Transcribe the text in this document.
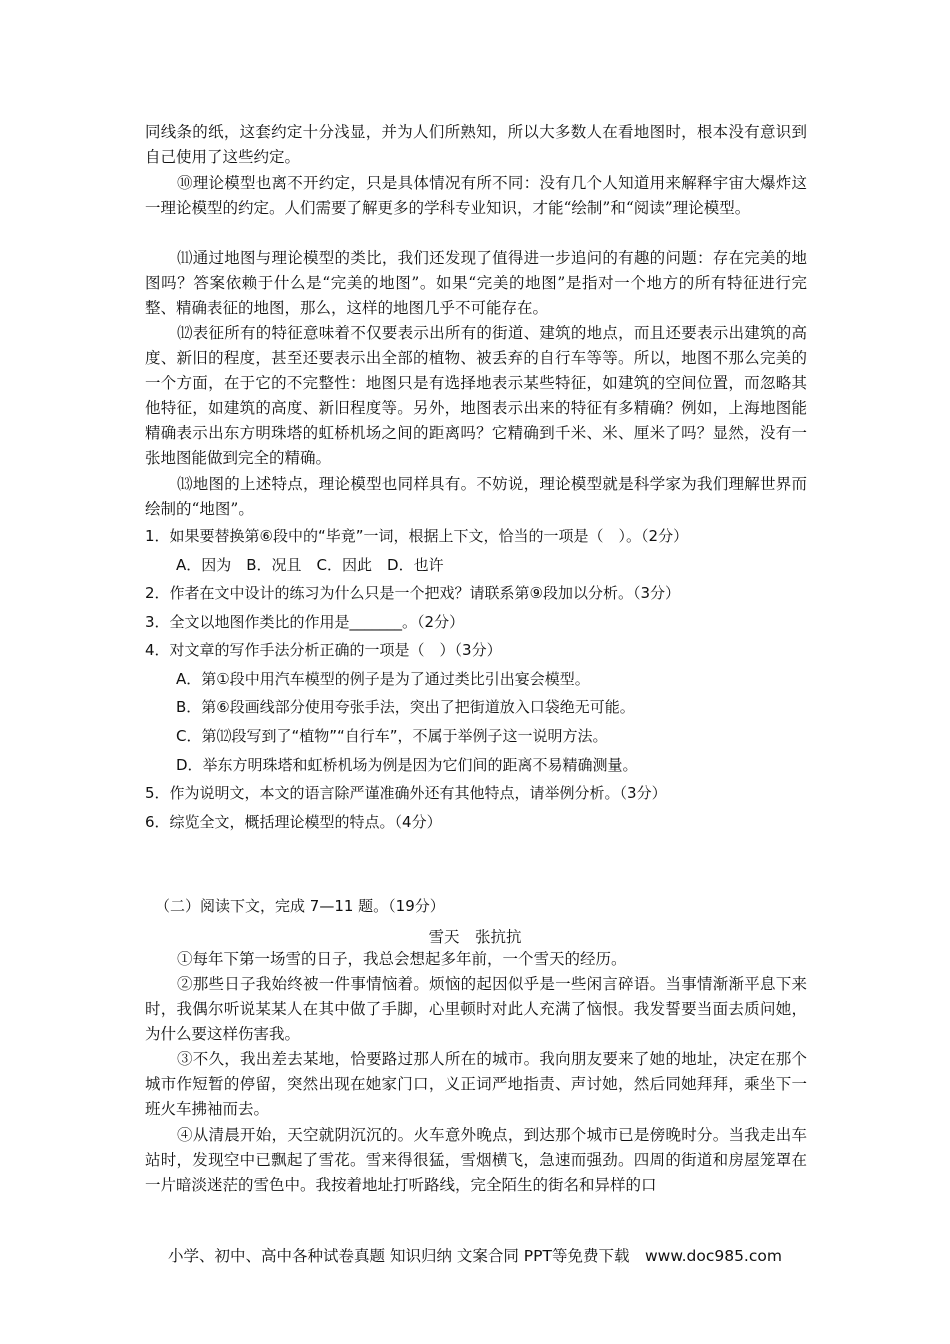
同线条的纸，这套约定十分浅显，并为人们所熟知，所以大多数人在看地图时，根本没有意识到自己使用了这些约定。

⑩理论模型也离不开约定，只是具体情况有所不同：没有几个人知道用来解释宇宙大爆炸这一理论模型的约定。人们需要了解更多的学科专业知识，才能“绘制”和“阅读”理论模型。

⑾通过地图与理论模型的类比，我们还发现了值得进一步追问的有趣的问题：存在完美的地图吗？答案依赖于什么是“完美的地图”。如果“完美的地图”是指对一个地方的所有特征进行完整、精确表征的地图，那么，这样的地图几乎不可能存在。

⑿表征所有的特征意味着不仅要表示出所有的街道、建筑的地点，而且还要表示出建筑的高度、新旧的程度，甚至还要表示出全部的植物、被丢弃的自行车等等。所以，地图不那么完美的一个方面，在于它的不完整性：地图只是有选择地表示某些特征，如建筑的空间位置，而忽略其他特征，如建筑的高度、新旧程度等。另外，地图表示出来的特征有多精确？例如，上海地图能精确表示出东方明珠塔的虹桥机场之间的距离吗？它精确到千米、米、厘米了吗？显然，没有一张地图能做到完全的精确。

⒀地图的上述特点，理论模型也同样具有。不妨说，理论模型就是科学家为我们理解世界而绘制的“地图”。

1．如果要替换第⑥段中的“毕竟”一词，根据上下文，恰当的一项是（　）。（2分）

A．因为　B．况且　C．因此　D．也许

2．作者在文中设计的练习为什么只是一个把戏？请联系第⑨段加以分析。（3分）

3．全文以地图作类比的作用是_______。（2分）

4．对文章的写作手法分析正确的一项是（　）（3分）

A．第①段中用汽车模型的例子是为了通过类比引出宴会模型。

B．第⑥段画线部分使用夸张手法，突出了把街道放入口袋绝无可能。

C．第⑿段写到了“植物”“自行车”，不属于举例子这一说明方法。

D．举东方明珠塔和虹桥机场为例是因为它们间的距离不易精确测量。

5．作为说明文，本文的语言除严谨准确外还有其他特点，请举例分析。（3分）

6．综览全文，概括理论模型的特点。（4分）

（二）阅读下文，完成 7—11 题。（19分）

雪天　张抗抗

①每年下第一场雪的日子，我总会想起多年前，一个雪天的经历。

②那些日子我始终被一件事情恼着。烦恼的起因似乎是一些闲言碎语。当事情渐渐平息下来时，我偶尔听说某某人在其中做了手脚，心里顿时对此人充满了恼恨。我发誓要当面去质问她，为什么要这样伤害我。

③不久，我出差去某地，恰要路过那人所在的城市。我向朋友要来了她的地址，决定在那个城市作短暂的停留，突然出现在她家门口，义正词严地指责、声讨她，然后同她拜拜，乘坐下一班火车拂袖而去。

④从清晨开始，天空就阴沉沉的。火车意外晚点，到达那个城市已是傍晚时分。当我走出车站时，发现空中已飘起了雪花。雪来得很猛，雪烟横飞，急速而强劲。四周的街道和房屋笼罩在一片暗淡迷茫的雪色中。我按着地址打听路线，完全陌生的街名和异样的口

小学、初中、高中各种试卷真题 知识归纳 文案合同 PPT等免费下载　www.doc985.com
